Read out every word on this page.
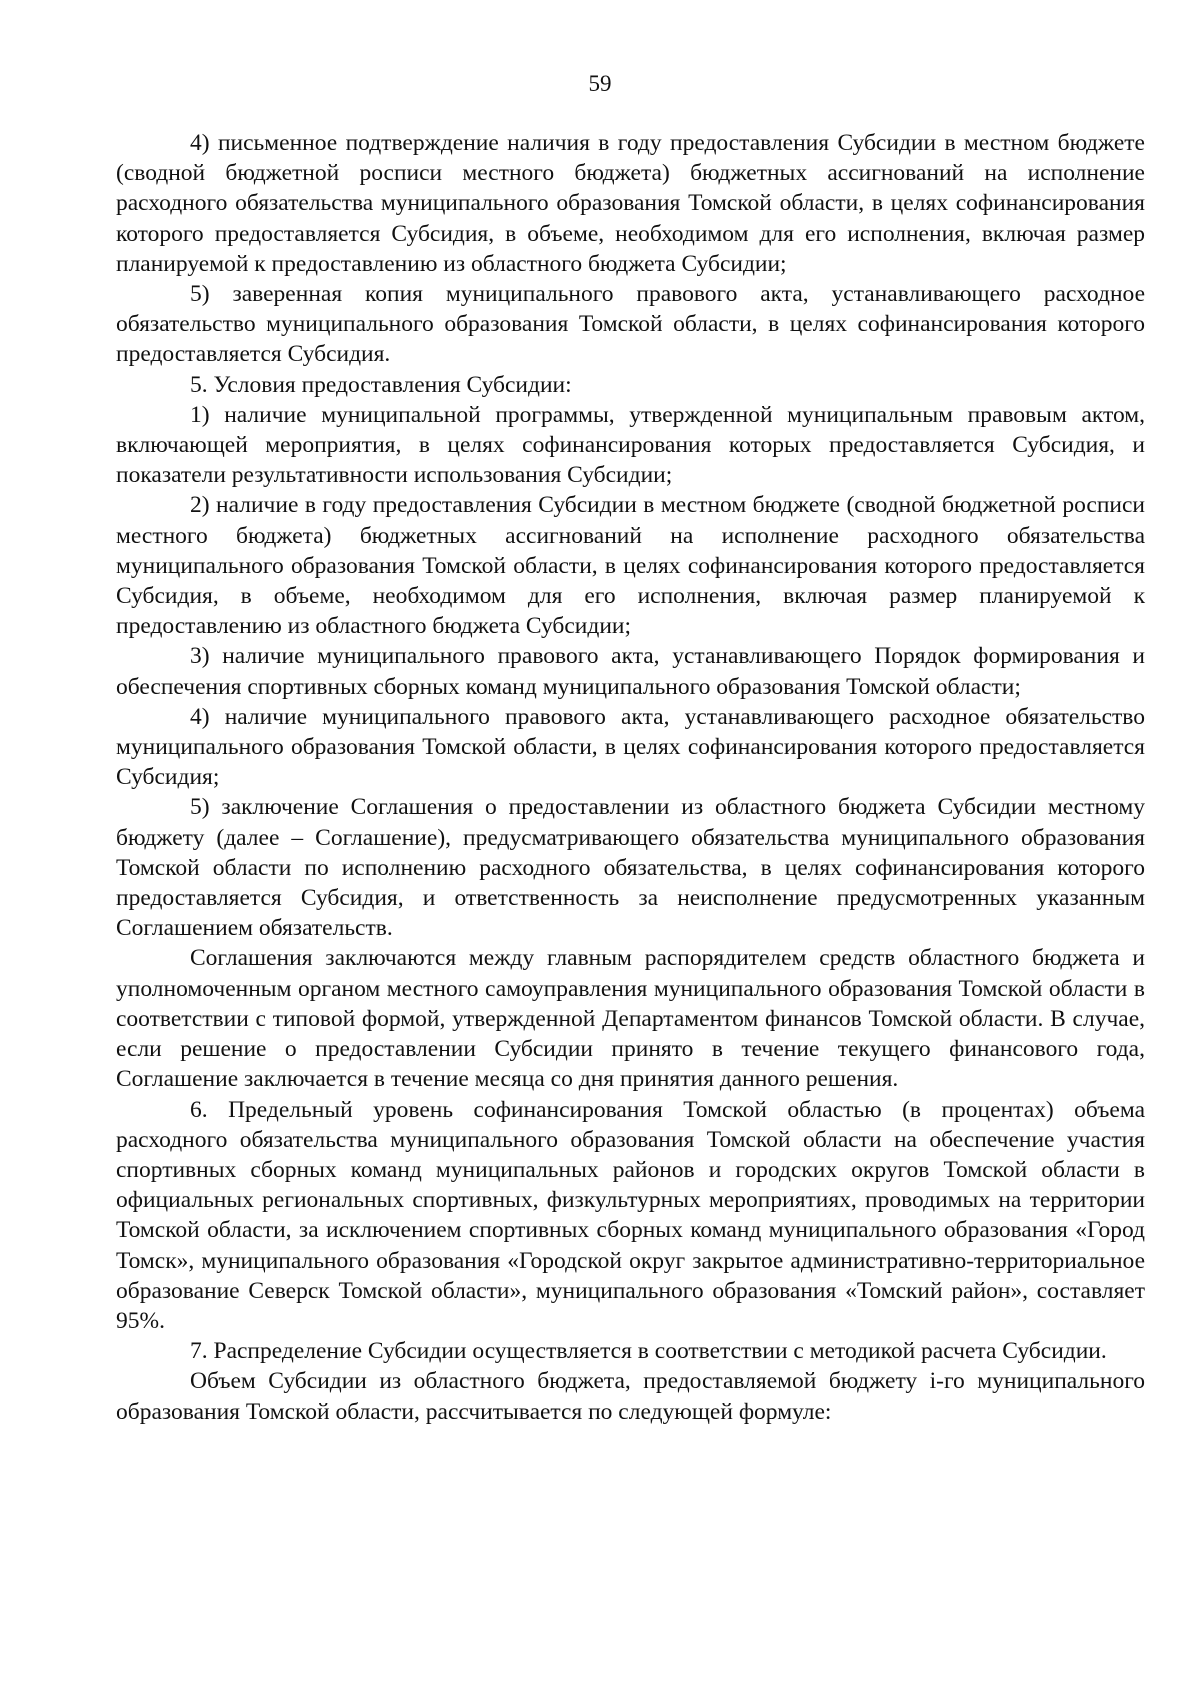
59

4) письменное подтверждение наличия в году предоставления Субсидии в местном бюджете (сводной бюджетной росписи местного бюджета) бюджетных ассигнований на исполнение расходного обязательства муниципального образования Томской области, в целях софинансирования которого предоставляется Субсидия, в объеме, необходимом для его исполнения, включая размер планируемой к предоставлению из областного бюджета Субсидии;

5) заверенная копия муниципального правового акта, устанавливающего расходное обязательство муниципального образования Томской области, в целях софинансирования которого предоставляется Субсидия.

5. Условия предоставления Субсидии:

1) наличие муниципальной программы, утвержденной муниципальным правовым актом, включающей мероприятия, в целях софинансирования которых предоставляется Субсидия, и показатели результативности использования Субсидии;

2) наличие в году предоставления Субсидии в местном бюджете (сводной бюджетной росписи местного бюджета) бюджетных ассигнований на исполнение расходного обязательства муниципального образования Томской области, в целях софинансирования которого предоставляется Субсидия, в объеме, необходимом для его исполнения, включая размер планируемой к предоставлению из областного бюджета Субсидии;

3) наличие муниципального правового акта, устанавливающего Порядок формирования и обеспечения спортивных сборных команд муниципального образования Томской области;

4) наличие муниципального правового акта, устанавливающего расходное обязательство муниципального образования Томской области, в целях софинансирования которого предоставляется Субсидия;

5) заключение Соглашения о предоставлении из областного бюджета Субсидии местному бюджету (далее – Соглашение), предусматривающего обязательства муниципального образования Томской области по исполнению расходного обязательства, в целях софинансирования которого предоставляется Субсидия, и ответственность за неисполнение предусмотренных указанным Соглашением обязательств.

Соглашения заключаются между главным распорядителем средств областного бюджета и уполномоченным органом местного самоуправления муниципального образования Томской области в соответствии с типовой формой, утвержденной Департаментом финансов Томской области. В случае, если решение о предоставлении Субсидии принято в течение текущего финансового года, Соглашение заключается в течение месяца со дня принятия данного решения.

6. Предельный уровень софинансирования Томской областью (в процентах) объема расходного обязательства муниципального образования Томской области на обеспечение участия спортивных сборных команд муниципальных районов и городских округов Томской области в официальных региональных спортивных, физкультурных мероприятиях, проводимых на территории Томской области, за исключением спортивных сборных команд муниципального образования «Город Томск», муниципального образования «Городской округ закрытое административно-территориальное образование Северск Томской области», муниципального образования «Томский район», составляет 95%.

7. Распределение Субсидии осуществляется в соответствии с методикой расчета Субсидии.

Объем Субсидии из областного бюджета, предоставляемой бюджету i-го муниципального образования Томской области, рассчитывается по следующей формуле:
